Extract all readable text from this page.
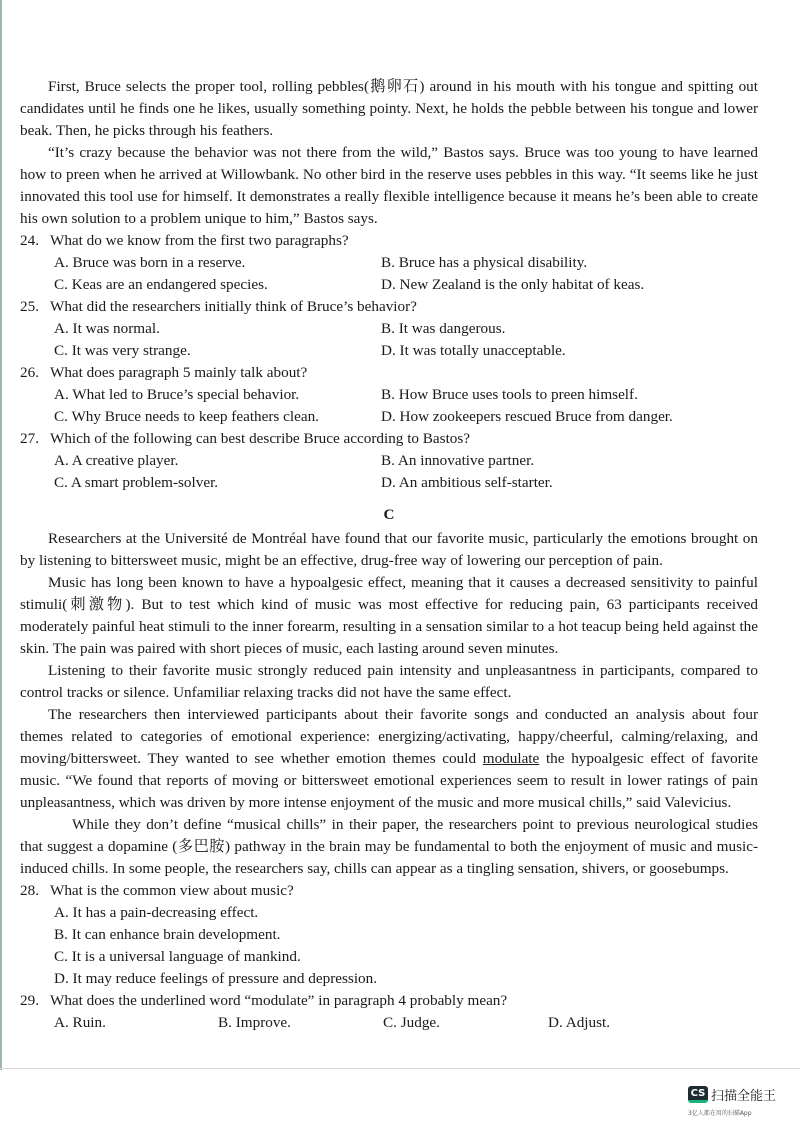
First, Bruce selects the proper tool, rolling pebbles(鹅卵石) around in his mouth with his tongue and spitting out candidates until he finds one he likes, usually something pointy. Next, he holds the pebble between his tongue and lower beak. Then, he picks through his feathers.

“It’s crazy because the behavior was not there from the wild,” Bastos says. Bruce was too young to have learned how to preen when he arrived at Willowbank. No other bird in the reserve uses pebbles in this way. “It seems like he just innovated this tool use for himself. It demonstrates a really flexible intelligence because it means he’s been able to create his own solution to a problem unique to him,” Bastos says.

24. What do we know from the first two paragraphs?
A. Bruce was born in a reserve.	B. Bruce has a physical disability.
C. Keas are an endangered species.	D. New Zealand is the only habitat of keas.
25. What did the researchers initially think of Bruce’s behavior?
A. It was normal.	B. It was dangerous.
C. It was very strange.	D. It was totally unacceptable.
26. What does paragraph 5 mainly talk about?
A. What led to Bruce’s special behavior.	B. How Bruce uses tools to preen himself.
C. Why Bruce needs to keep feathers clean.	D. How zookeepers rescued Bruce from danger.
27. Which of the following can best describe Bruce according to Bastos?
A. A creative player.	B. An innovative partner.
C. A smart problem-solver.	D. An ambitious self-starter.
C

Researchers at the Université de Montréal have found that our favorite music, particularly the emotions brought on by listening to bittersweet music, might be an effective, drug-free way of lowering our perception of pain.

Music has long been known to have a hypoalgesic effect, meaning that it causes a decreased sensitivity to painful stimuli(刺激物). But to test which kind of music was most effective for reducing pain, 63 participants received moderately painful heat stimuli to the inner forearm, resulting in a sensation similar to a hot teacup being held against the skin. The pain was paired with short pieces of music, each lasting around seven minutes.

Listening to their favorite music strongly reduced pain intensity and unpleasantness in participants, compared to control tracks or silence. Unfamiliar relaxing tracks did not have the same effect.

The researchers then interviewed participants about their favorite songs and conducted an analysis about four themes related to categories of emotional experience: energizing/activating, happy/cheerful, calming/relaxing, and moving/bittersweet. They wanted to see whether emotion themes could modulate the hypoalgesic effect of favorite music. “We found that reports of moving or bittersweet emotional experiences seem to result in lower ratings of pain unpleasantness, which was driven by more intense enjoyment of the music and more musical chills,” said Valevicius.

While they don’t define “musical chills” in their paper, the researchers point to previous neurological studies that suggest a dopamine (多巴胺) pathway in the brain may be fundamental to both the enjoyment of music and music-induced chills. In some people, the researchers say, chills can appear as a tingling sensation, shivers, or goosebumps.

28. What is the common view about music?
A. It has a pain-decreasing effect.
B. It can enhance brain development.
C. It is a universal language of mankind.
D. It may reduce feelings of pressure and depression.
29. What does the underlined word “modulate” in paragraph 4 probably mean?
A. Ruin.	B. Improve.	C. Judge.	D. Adjust.
CS 扫描全能王
3亿人都在用的扫描App
